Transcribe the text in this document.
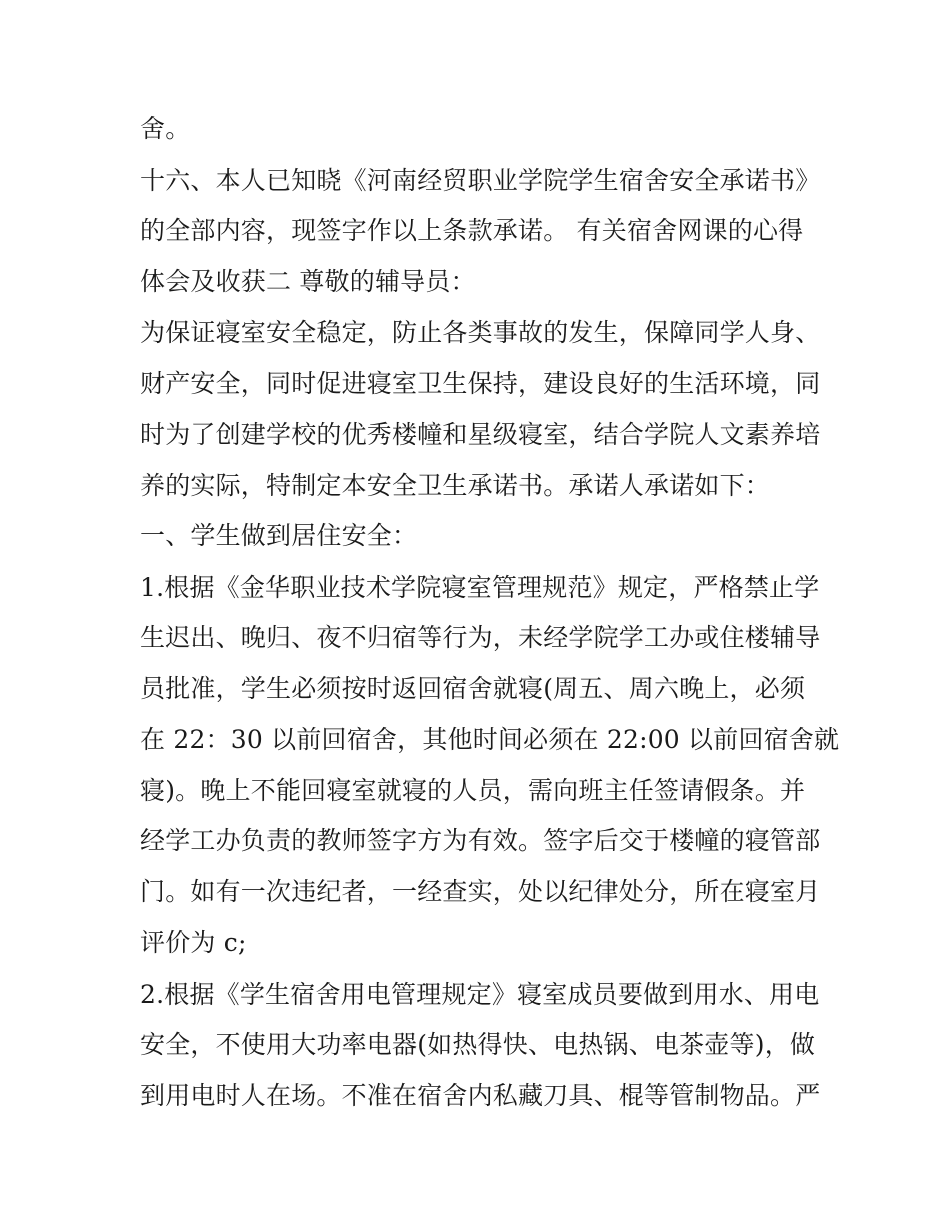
舍。
十六、本人已知晓《河南经贸职业学院学生宿舍安全承诺书》
的全部内容，现签字作以上条款承诺。 有关宿舍网课的心得
体会及收获二 尊敬的辅导员：
为保证寝室安全稳定，防止各类事故的发生，保障同学人身、
财产安全，同时促进寝室卫生保持，建设良好的生活环境，同
时为了创建学校的优秀楼幢和星级寝室，结合学院人文素养培
养的实际，特制定本安全卫生承诺书。承诺人承诺如下：
一、学生做到居住安全：
1.根据《金华职业技术学院寝室管理规范》规定，严格禁止学
生迟出、晚归、夜不归宿等行为，未经学院学工办或住楼辅导
员批准，学生必须按时返回宿舍就寝(周五、周六晚上，必须
在 22：30 以前回宿舍，其他时间必须在 22:00 以前回宿舍就
寝)。晚上不能回寝室就寝的人员，需向班主任签请假条。并
经学工办负责的教师签字方为有效。签字后交于楼幢的寝管部
门。如有一次违纪者，一经查实，处以纪律处分，所在寝室月
评价为 c;
2.根据《学生宿舍用电管理规定》寝室成员要做到用水、用电
安全，不使用大功率电器(如热得快、电热锅、电茶壶等)，做
到用电时人在场。不准在宿舍内私藏刀具、棍等管制物品。严
